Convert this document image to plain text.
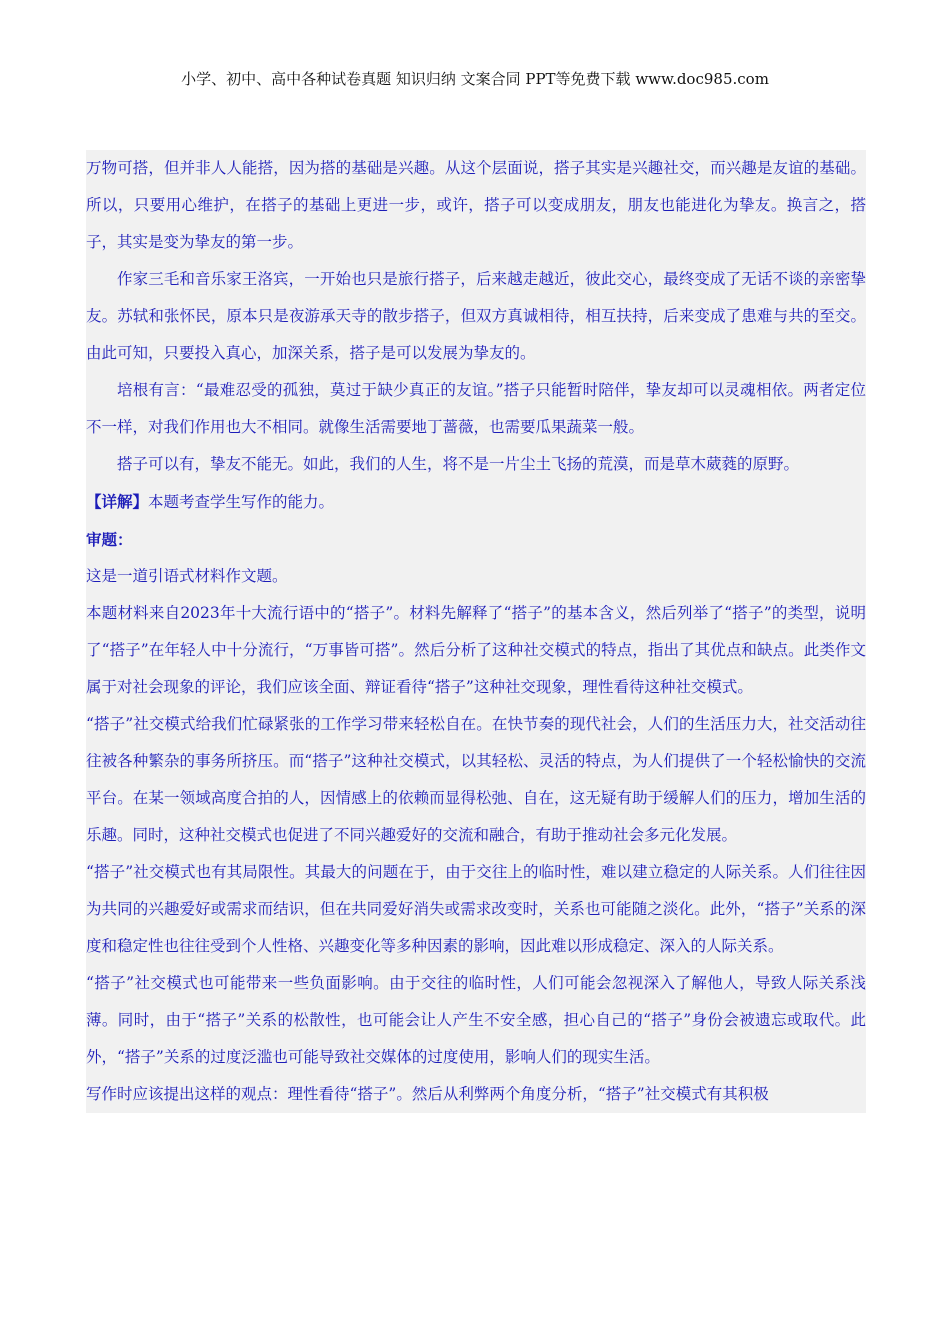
小学、初中、高中各种试卷真题 知识归纳 文案合同 PPT等免费下载 www.doc985.com

万物可搭，但并非人人能搭，因为搭的基础是兴趣。从这个层面说，搭子其实是兴趣社交，而兴趣是友谊的基础。所以，只要用心维护，在搭子的基础上更进一步，或许，搭子可以变成朋友，朋友也能进化为挚友。换言之，搭子，其实是变为挚友的第一步。

作家三毛和音乐家王洛宾，一开始也只是旅行搭子，后来越走越近，彼此交心，最终变成了无话不谈的亲密挚友。苏轼和张怀民，原本只是夜游承天寺的散步搭子，但双方真诚相待，相互扶持，后来变成了患难与共的至交。由此可知，只要投入真心，加深关系，搭子是可以发展为挚友的。

培根有言：“最难忍受的孤独，莫过于缺少真正的友谊。”搭子只能暂时陪伴，挚友却可以灵魂相依。两者定位不一样，对我们作用也大不相同。就像生活需要地丁蔷薇，也需要瓜果蔬菜一般。

搭子可以有，挚友不能无。如此，我们的人生，将不是一片尘土飞扬的荒漠，而是草木葳蕤的原野。

【详解】本题考查学生写作的能力。

审题：

这是一道引语式材料作文题。

本题材料来自2023年十大流行语中的“搭子”。材料先解释了“搭子”的基本含义，然后列举了“搭子”的类型，说明了“搭子”在年轻人中十分流行，“万事皆可搭”。然后分析了这种社交模式的特点，指出了其优点和缺点。此类作文属于对社会现象的评论，我们应该全面、辩证看待“搭子”这种社交现象，理性看待这种社交模式。

“搭子”社交模式给我们忙碌紧张的工作学习带来轻松自在。在快节奏的现代社会，人们的生活压力大，社交活动往往被各种繁杂的事务所挤压。而“搭子”这种社交模式，以其轻松、灵活的特点，为人们提供了一个轻松愉快的交流平台。在某一领域高度合拍的人，因情感上的依赖而显得松弛、自在，这无疑有助于缓解人们的压力，增加生活的乐趣。同时，这种社交模式也促进了不同兴趣爱好的交流和融合，有助于推动社会多元化发展。

“搭子”社交模式也有其局限性。其最大的问题在于，由于交往上的临时性，难以建立稳定的人际关系。人们往往因为共同的兴趣爱好或需求而结识，但在共同爱好消失或需求改变时，关系也可能随之淡化。此外，“搭子”关系的深度和稳定性也往往受到个人性格、兴趣变化等多种因素的影响，因此难以形成稳定、深入的人际关系。

“搭子”社交模式也可能带来一些负面影响。由于交往的临时性，人们可能会忽视深入了解他人，导致人际关系浅薄。同时，由于“搭子”关系的松散性，也可能会让人产生不安全感，担心自己的“搭子”身份会被遗忘或取代。此外，“搭子”关系的过度泛滥也可能导致社交媒体的过度使用，影响人们的现实生活。

写作时应该提出这样的观点：理性看待“搭子”。然后从利弊两个角度分析，“搭子”社交模式有其积极
